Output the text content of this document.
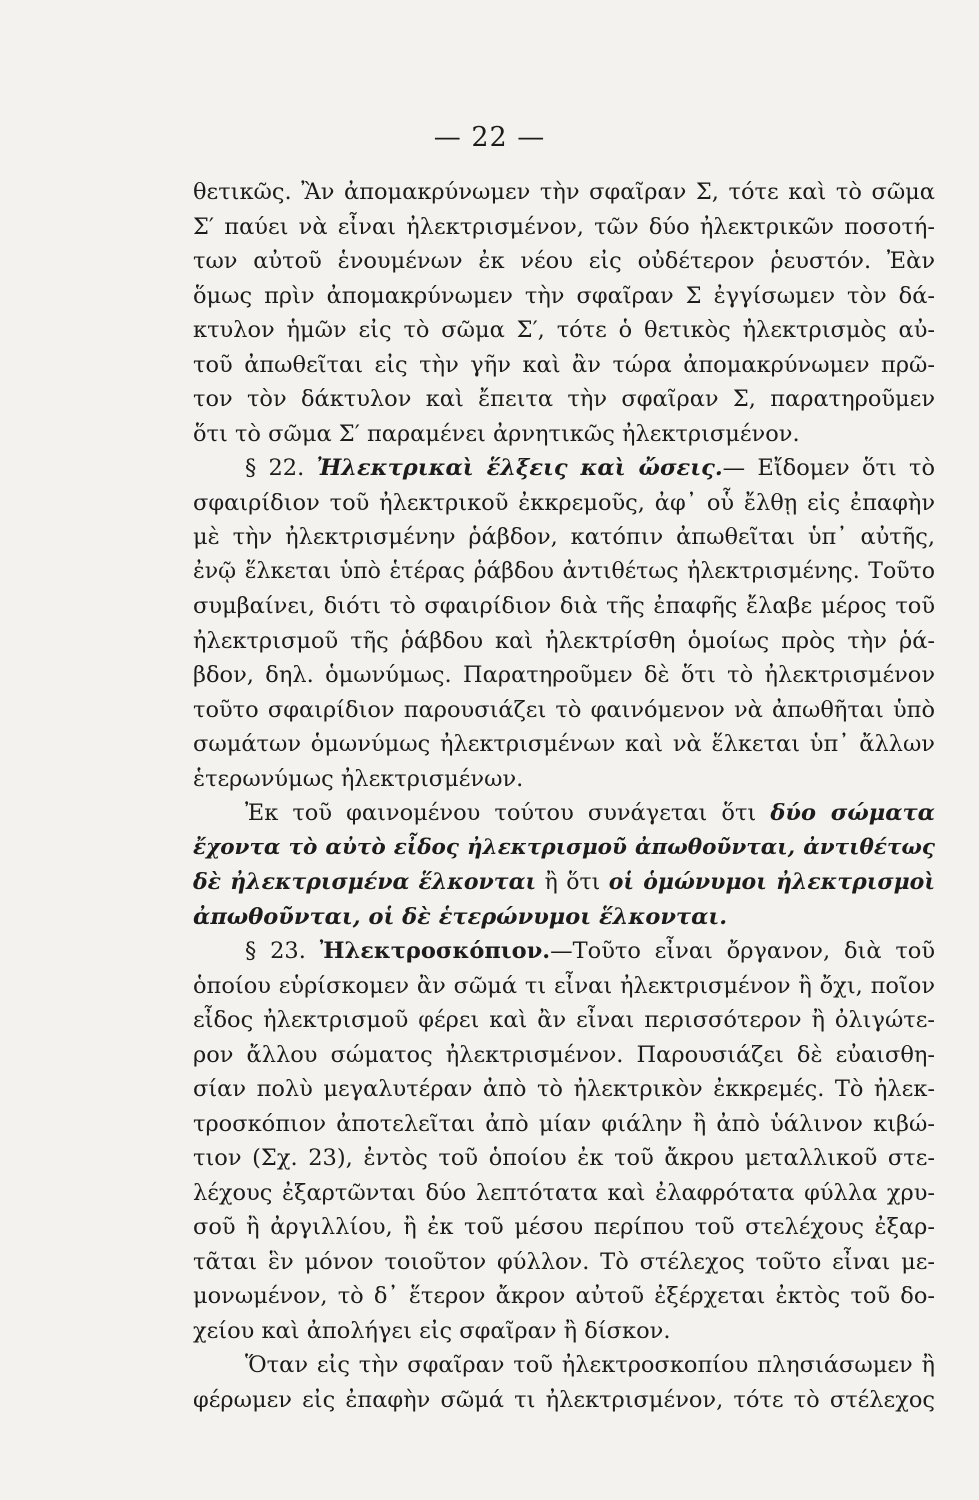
— 22 —
θετικῶς. Ἂν ἀπομακρύνωμεν τὴν σφαῖραν Σ, τότε καὶ τὸ σῶμα
Σ′ παύει νὰ εἶναι ἠλεκτρισμένον, τῶν δύο ἠλεκτρικῶν ποσοτή-
των αὐτοῦ ἑνουμένων ἐκ νέου εἰς οὐδέτερον ῥευστόν. Ἐὰν
ὅμως πρὶν ἀπομακρύνωμεν τὴν σφαῖραν Σ ἐγγίσωμεν τὸν δά-
κτυλον ἡμῶν εἰς τὸ σῶμα Σ′, τότε ὁ θετικὸς ἠλεκτρισμὸς αὐ-
τοῦ ἀπωθεῖται εἰς τὴν γῆν καὶ ἂν τώρα ἀπομακρύνωμεν πρῶ-
τον τὸν δάκτυλον καὶ ἔπειτα τὴν σφαῖραν Σ, παρατηροῦμεν
ὅτι τὸ σῶμα Σ′ παραμένει ἀρνητικῶς ἠλεκτρισμένον.
§ 22. Ἠλεκτρικαὶ ἕλξεις καὶ ὤσεις.— Εἴδομεν ὅτι τὸ
σφαιρίδιον τοῦ ἠλεκτρικοῦ ἐκκρεμοῦς, ἀφ᾽ οὗ ἔλθῃ εἰς ἐπαφὴν
μὲ τὴν ἠλεκτρισμένην ῥάβδον, κατόπιν ἀπωθεῖται ὑπ᾽ αὐτῆς,
ἐνῷ ἕλκεται ὑπὸ ἑτέρας ῥάβδου ἀντιθέτως ἠλεκτρισμένης. Τοῦτο
συμβαίνει, διότι τὸ σφαιρίδιον διὰ τῆς ἐπαφῆς ἔλαβε μέρος τοῦ
ἠλεκτρισμοῦ τῆς ῥάβδου καὶ ἠλεκτρίσθη ὁμοίως πρὸς τὴν ῥά-
βδον, δηλ. ὁμωνύμως. Παρατηροῦμεν δὲ ὅτι τὸ ἠλεκτρισμένον
τοῦτο σφαιρίδιον παρουσιάζει τὸ φαινόμενον νὰ ἀπωθῆται ὑπὸ
σωμάτων ὁμωνύμως ἠλεκτρισμένων καὶ νὰ ἕλκεται ὑπ᾽ ἄλλων
ἑτερωνύμως ἠλεκτρισμένων.
Ἐκ τοῦ φαινομένου τούτου συνάγεται ὅτι δύο σώματα
ἔχοντα τὸ αὐτὸ εἶδος ἠλεκτρισμοῦ ἀπωθοῦνται, ἀντιθέτως
δὲ ἠλεκτρισμένα ἕλκονται ἢ ὅτι οἱ ὁμώνυμοι ἠλεκτρισμοὶ
ἀπωθοῦνται, οἱ δὲ ἑτερώνυμοι ἕλκονται.
§ 23. Ἠλεκτροσκόπιον.—Τοῦτο εἶναι ὄργανον, διὰ τοῦ
ὁποίου εὑρίσκομεν ἂν σῶμά τι εἶναι ἠλεκτρισμένον ἢ ὄχι, ποῖον
εἶδος ἠλεκτρισμοῦ φέρει καὶ ἂν εἶναι περισσότερον ἢ ὀλιγώτε-
ρον ἄλλου σώματος ἠλεκτρισμένον. Παρουσιάζει δὲ εὐαισθη-
σίαν πολὺ μεγαλυτέραν ἀπὸ τὸ ἠλεκτρικὸν ἐκκρεμές. Τὸ ἠλεκ-
τροσκόπιον ἀποτελεῖται ἀπὸ μίαν φιάλην ἢ ἀπὸ ὑάλινον κιβώ-
τιον (Σχ. 23), ἐντὸς τοῦ ὁποίου ἐκ τοῦ ἄκρου μεταλλικοῦ στε-
λέχους ἐξαρτῶνται δύο λεπτότατα καὶ ἐλαφρότατα φύλλα χρυ-
σοῦ ἢ ἀργιλλίου, ἢ ἐκ τοῦ μέσου περίπου τοῦ στελέχους ἐξαρ-
τᾶται ἓν μόνον τοιοῦτον φύλλον. Τὸ στέλεχος τοῦτο εἶναι με-
μονωμένον, τὸ δ᾽ ἕτερον ἄκρον αὐτοῦ ἐξέρχεται ἐκτὸς τοῦ δο-
χείου καὶ ἀπολήγει εἰς σφαῖραν ἢ δίσκον.
Ὅταν εἰς τὴν σφαῖραν τοῦ ἠλεκτροσκοπίου πλησιάσωμεν ἢ
φέρωμεν εἰς ἐπαφὴν σῶμά τι ἠλεκτρισμένον, τότε τὸ στέλεχος
